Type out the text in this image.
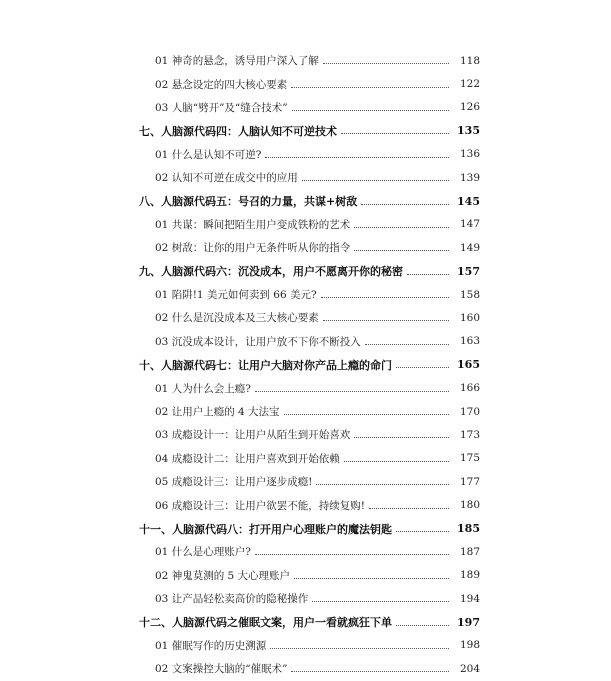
01 神奇的悬念，诱导用户深入了解	118
02 悬念设定的四大核心要素	122
03 人脑“劈开”及“缝合技术”	126
七、人脑源代码四：人脑认知不可逆技术	135
01 什么是认知不可逆?	136
02 认知不可逆在成交中的应用	139
八、人脑源代码五：号召的力量，共谋+树敌	145
01 共谋：瞬间把陌生用户变成铁粉的艺术	147
02 树敌：让你的用户无条件听从你的指令	149
九、人脑源代码六：沉没成本，用户不愿离开你的秘密	157
01 陷阱!1 美元如何卖到 66 美元?	158
02 什么是沉没成本及三大核心要素	160
03 沉没成本设计，让用户放不下你不断投入	163
十、人脑源代码七：让用户大脑对你产品上瘾的命门	165
01 人为什么会上瘾?	166
02 让用户上瘾的 4 大法宝	170
03 成瘾设计一：让用户从陌生到开始喜欢	173
04 成瘾设计二：让用户喜欢到开始依赖	175
05 成瘾设计三：让用户逐步成瘾!	177
06 成瘾设计三：让用户欲罢不能，持续复购!	180
十一、人脑源代码八：打开用户心理账户的魔法钥匙	185
01 什么是心理账户?	187
02 神鬼莫测的 5 大心理账户	189
03 让产品轻松卖高价的隐秘操作	194
十二、人脑源代码之催眠文案，用户一看就疯狂下单	197
01 催眠写作的历史溯源	198
02 文案操控大脑的“催眠术”	204
